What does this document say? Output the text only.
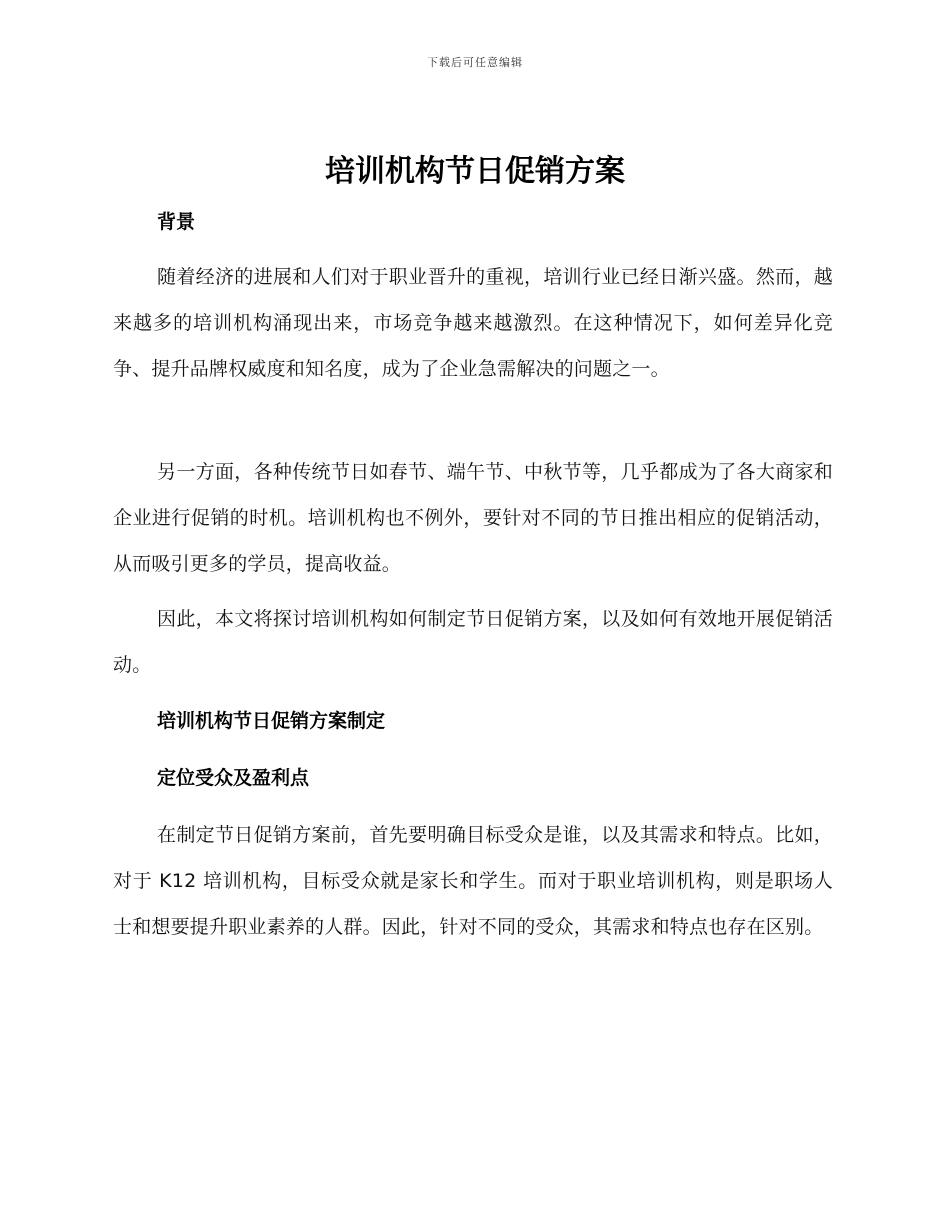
下载后可任意编辑
培训机构节日促销方案
背景

随着经济的进展和人们对于职业晋升的重视，培训行业已经日渐兴盛。然而，越来越多的培训机构涌现出来，市场竞争越来越激烈。在这种情况下，如何差异化竞争、提升品牌权威度和知名度，成为了企业急需解决的问题之一。

另一方面，各种传统节日如春节、端午节、中秋节等，几乎都成为了各大商家和企业进行促销的时机。培训机构也不例外，要针对不同的节日推出相应的促销活动，从而吸引更多的学员，提高收益。

因此，本文将探讨培训机构如何制定节日促销方案，以及如何有效地开展促销活动。

培训机构节日促销方案制定
定位受众及盈利点

在制定节日促销方案前，首先要明确目标受众是谁，以及其需求和特点。比如，对于 K12 培训机构，目标受众就是家长和学生。而对于职业培训机构，则是职场人士和想要提升职业素养的人群。因此，针对不同的受众，其需求和特点也存在区别。
